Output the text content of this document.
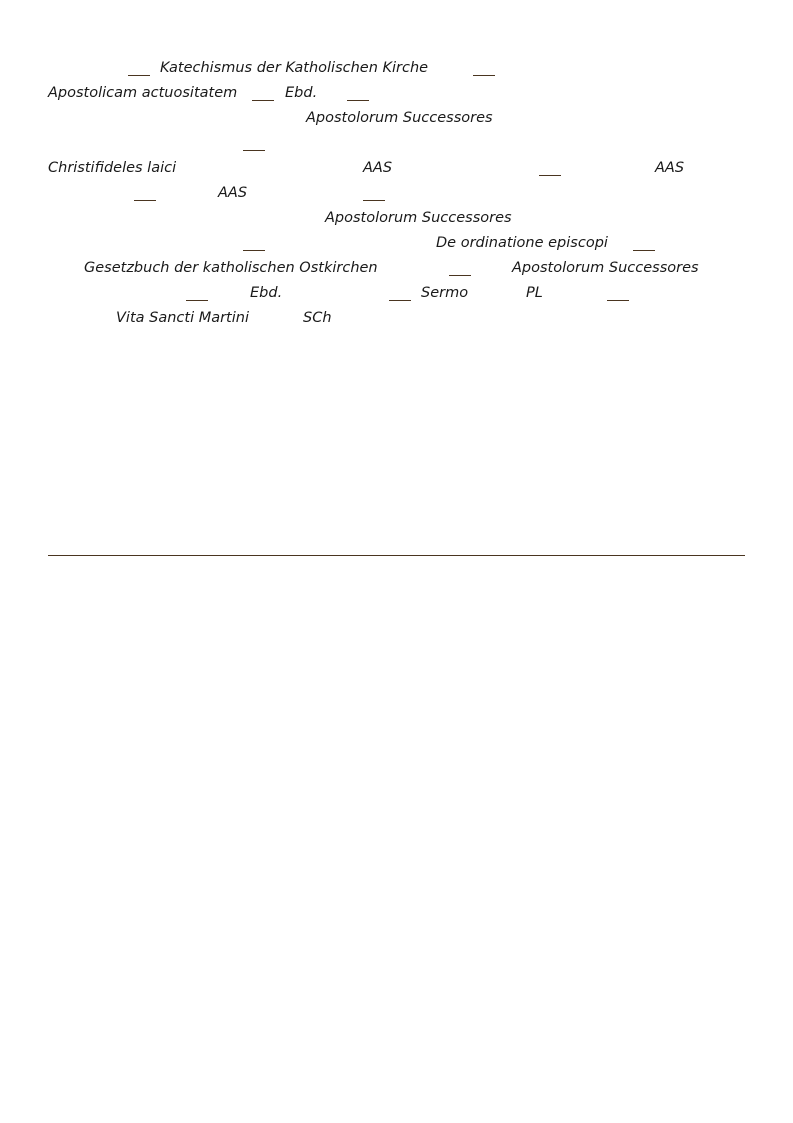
Katechismus der Katholischen Kirche
Apostolicam actuositatem	Ebd.
Apostolorum Successores
Christifideles laici	AAS	AAS
AAS
Apostolorum Successores
De ordinatione episcopi
Gesetzbuch der katholischen Ostkirchen	Apostolorum Successores
Ebd.	Sermo	PL
Vita Sancti Martini	SCh
